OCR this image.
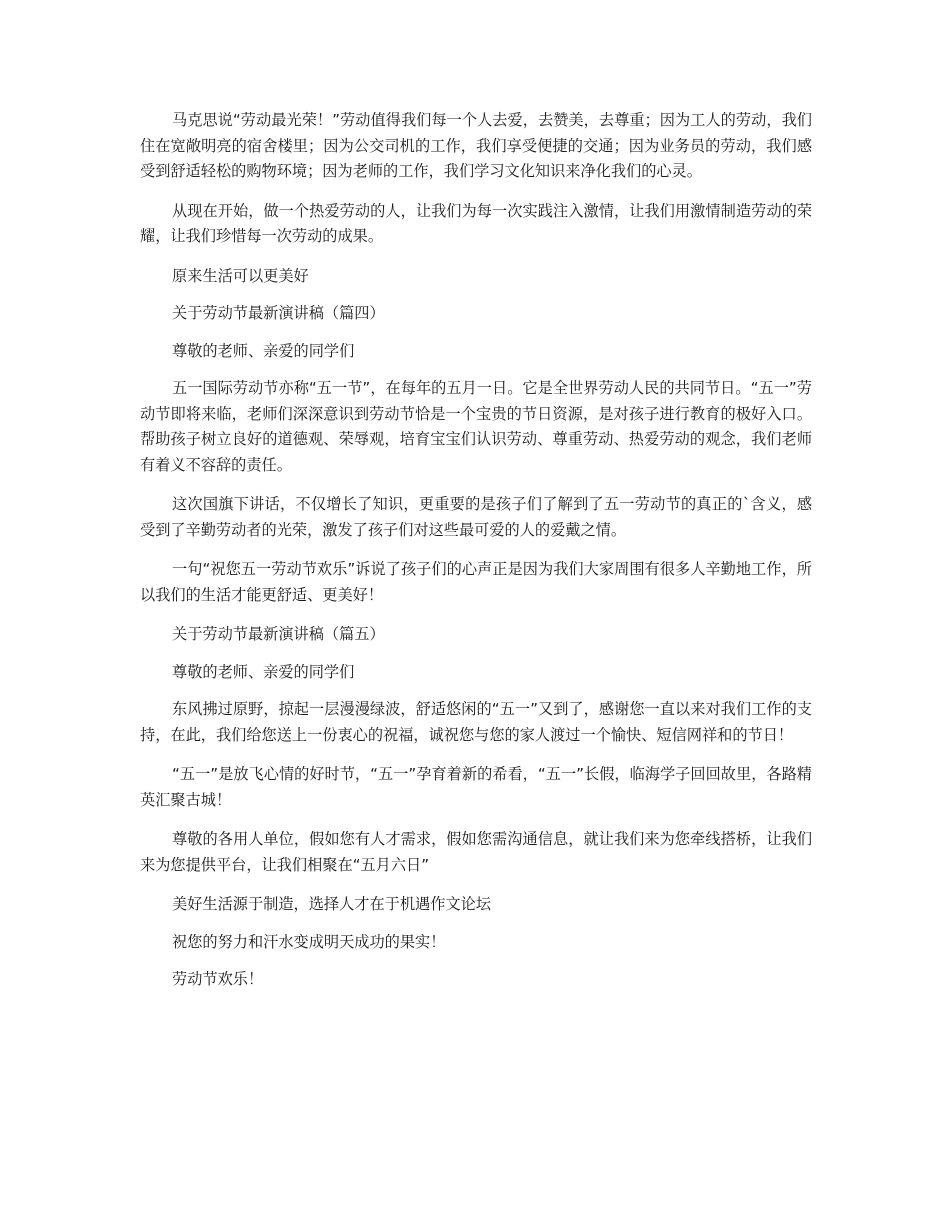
马克思说“劳动最光荣！”劳动值得我们每一个人去爱，去赞美，去尊重；因为工人的劳动，我们住在宽敞明亮的宿舍楼里；因为公交司机的工作，我们享受便捷的交通；因为业务员的劳动，我们感受到舒适轻松的购物环境；因为老师的工作，我们学习文化知识来净化我们的心灵。

从现在开始，做一个热爱劳动的人，让我们为每一次实践注入激情，让我们用激情制造劳动的荣耀，让我们珍惜每一次劳动的成果。

原来生活可以更美好

关于劳动节最新演讲稿（篇四）

尊敬的老师、亲爱的同学们

五一国际劳动节亦称“五一节”，在每年的五月一日。它是全世界劳动人民的共同节日。“五一”劳动节即将来临，老师们深深意识到劳动节恰是一个宝贵的节日资源，是对孩子进行教育的极好入口。帮助孩子树立良好的道德观、荣辱观，培育宝宝们认识劳动、尊重劳动、热爱劳动的观念，我们老师有着义不容辞的责任。

这次国旗下讲话，不仅增长了知识，更重要的是孩子们了解到了五一劳动节的真正的`含义，感受到了辛勤劳动者的光荣，激发了孩子们对这些最可爱的人的爱戴之情。

一句“祝您五一劳动节欢乐”诉说了孩子们的心声正是因为我们大家周围有很多人辛勤地工作，所以我们的生活才能更舒适、更美好！

关于劳动节最新演讲稿（篇五）

尊敬的老师、亲爱的同学们

东风拂过原野，掠起一层漫漫绿波，舒适悠闲的“五一”又到了，感谢您一直以来对我们工作的支持，在此，我们给您送上一份衷心的祝福，诚祝您与您的家人渡过一个愉快、短信网祥和的节日！

“五一”是放飞心情的好时节，“五一”孕育着新的希看，“五一”长假，临海学子回回故里，各路精英汇聚古城！

尊敬的各用人单位，假如您有人才需求，假如您需沟通信息，就让我们来为您牵线搭桥，让我们来为您提供平台，让我们相聚在“五月六日”

美好生活源于制造，选择人才在于机遇作文论坛

祝您的努力和汗水变成明天成功的果实！

劳动节欢乐！
